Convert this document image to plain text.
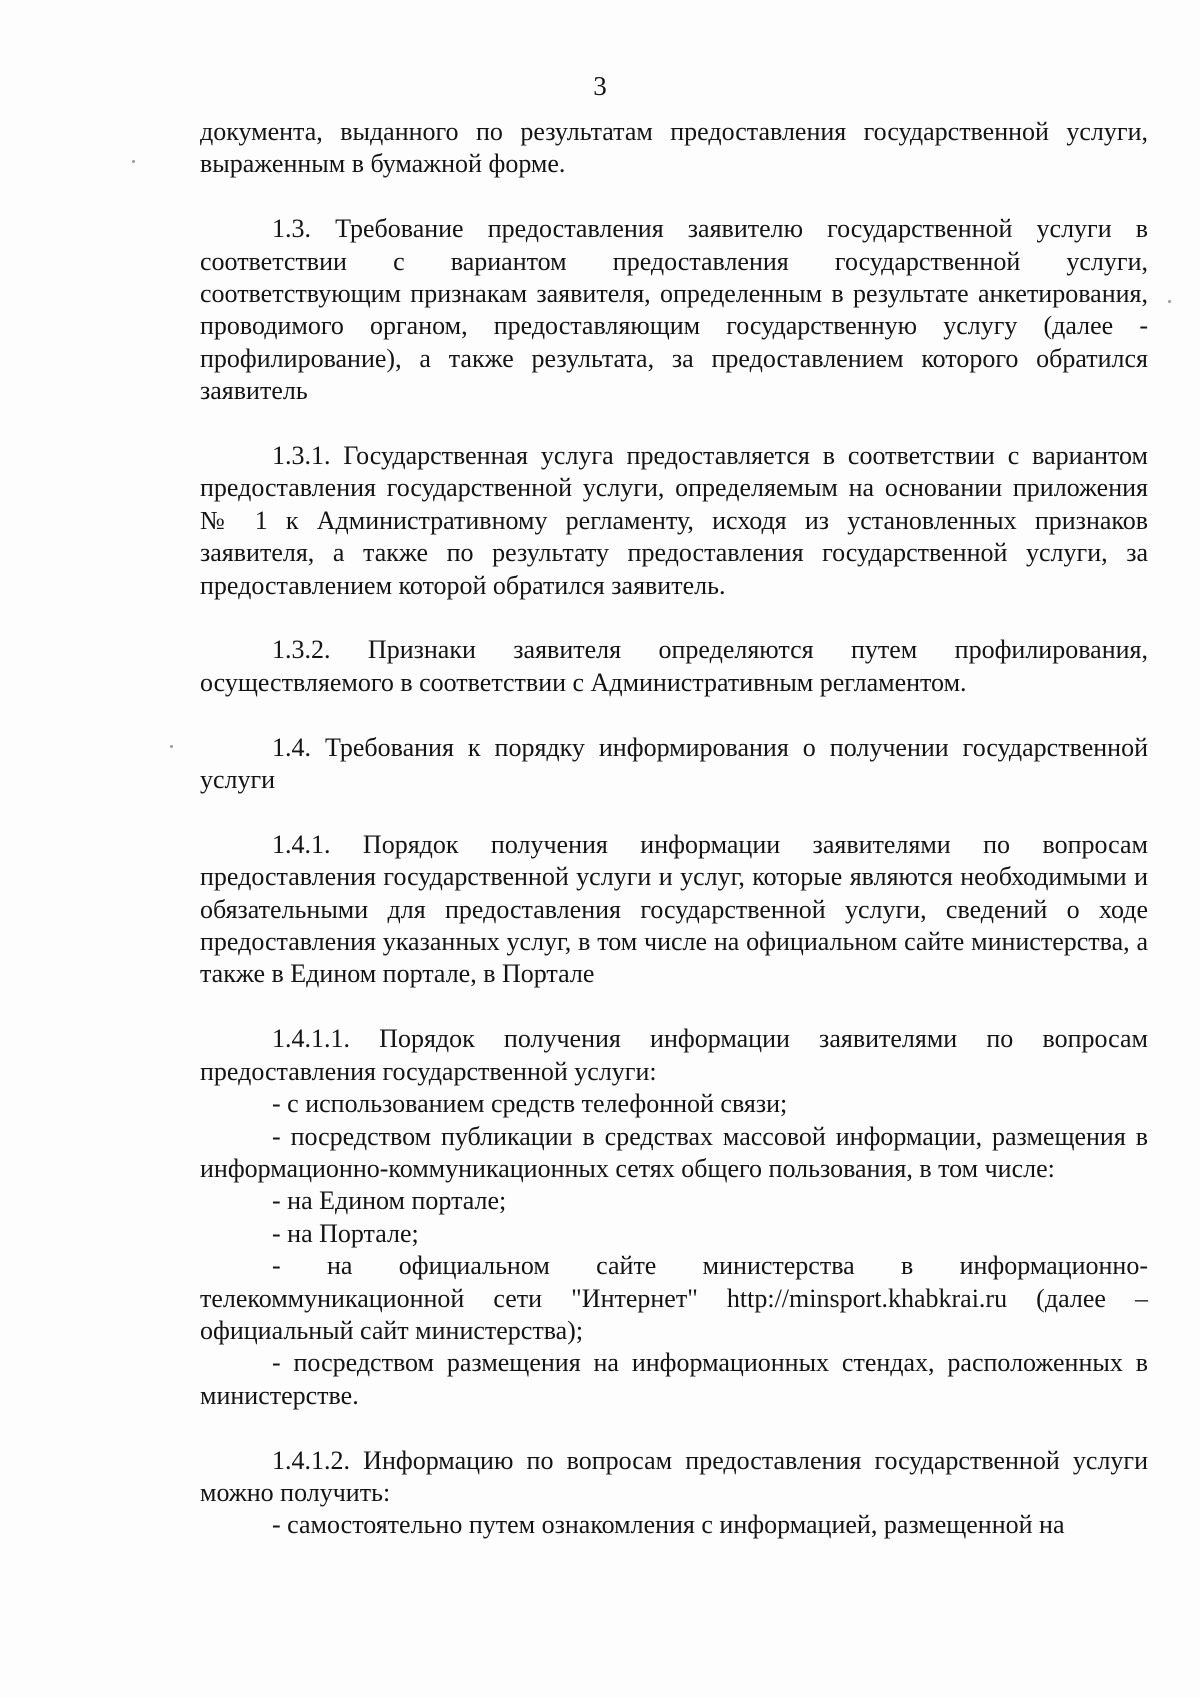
3

документа, выданного по результатам предоставления государственной услуги, выраженным в бумажной форме.

1.3. Требование предоставления заявителю государственной услуги в соответствии с вариантом предоставления государственной услуги, соответствующим признакам заявителя, определенным в результате анкетирования, проводимого органом, предоставляющим государственную услугу (далее - профилирование), а также результата, за предоставлением которого обратился заявитель

1.3.1. Государственная услуга предоставляется в соответствии с вариантом предоставления государственной услуги, определяемым на основании приложения № 1 к Административному регламенту, исходя из установленных признаков заявителя, а также по результату предоставления государственной услуги, за предоставлением которой обратился заявитель.

1.3.2. Признаки заявителя определяются путем профилирования, осуществляемого в соответствии с Административным регламентом.

1.4. Требования к порядку информирования о получении государственной услуги

1.4.1. Порядок получения информации заявителями по вопросам предоставления государственной услуги и услуг, которые являются необходимыми и обязательными для предоставления государственной услуги, сведений о ходе предоставления указанных услуг, в том числе на официальном сайте министерства, а также в Едином портале, в Портале

1.4.1.1. Порядок получения информации заявителями по вопросам предоставления государственной услуги:

- с использованием средств телефонной связи;

- посредством публикации в средствах массовой информации, размещения в информационно-коммуникационных сетях общего пользования, в том числе:

- на Едином портале;

- на Портале;

- на официальном сайте министерства в информационно-телекоммуникационной сети "Интернет" http://minsport.khabkrai.ru (далее – официальный сайт министерства);

- посредством размещения на информационных стендах, расположенных в министерстве.

1.4.1.2. Информацию по вопросам предоставления государственной услуги можно получить:

- самостоятельно путем ознакомления с информацией, размещенной на
